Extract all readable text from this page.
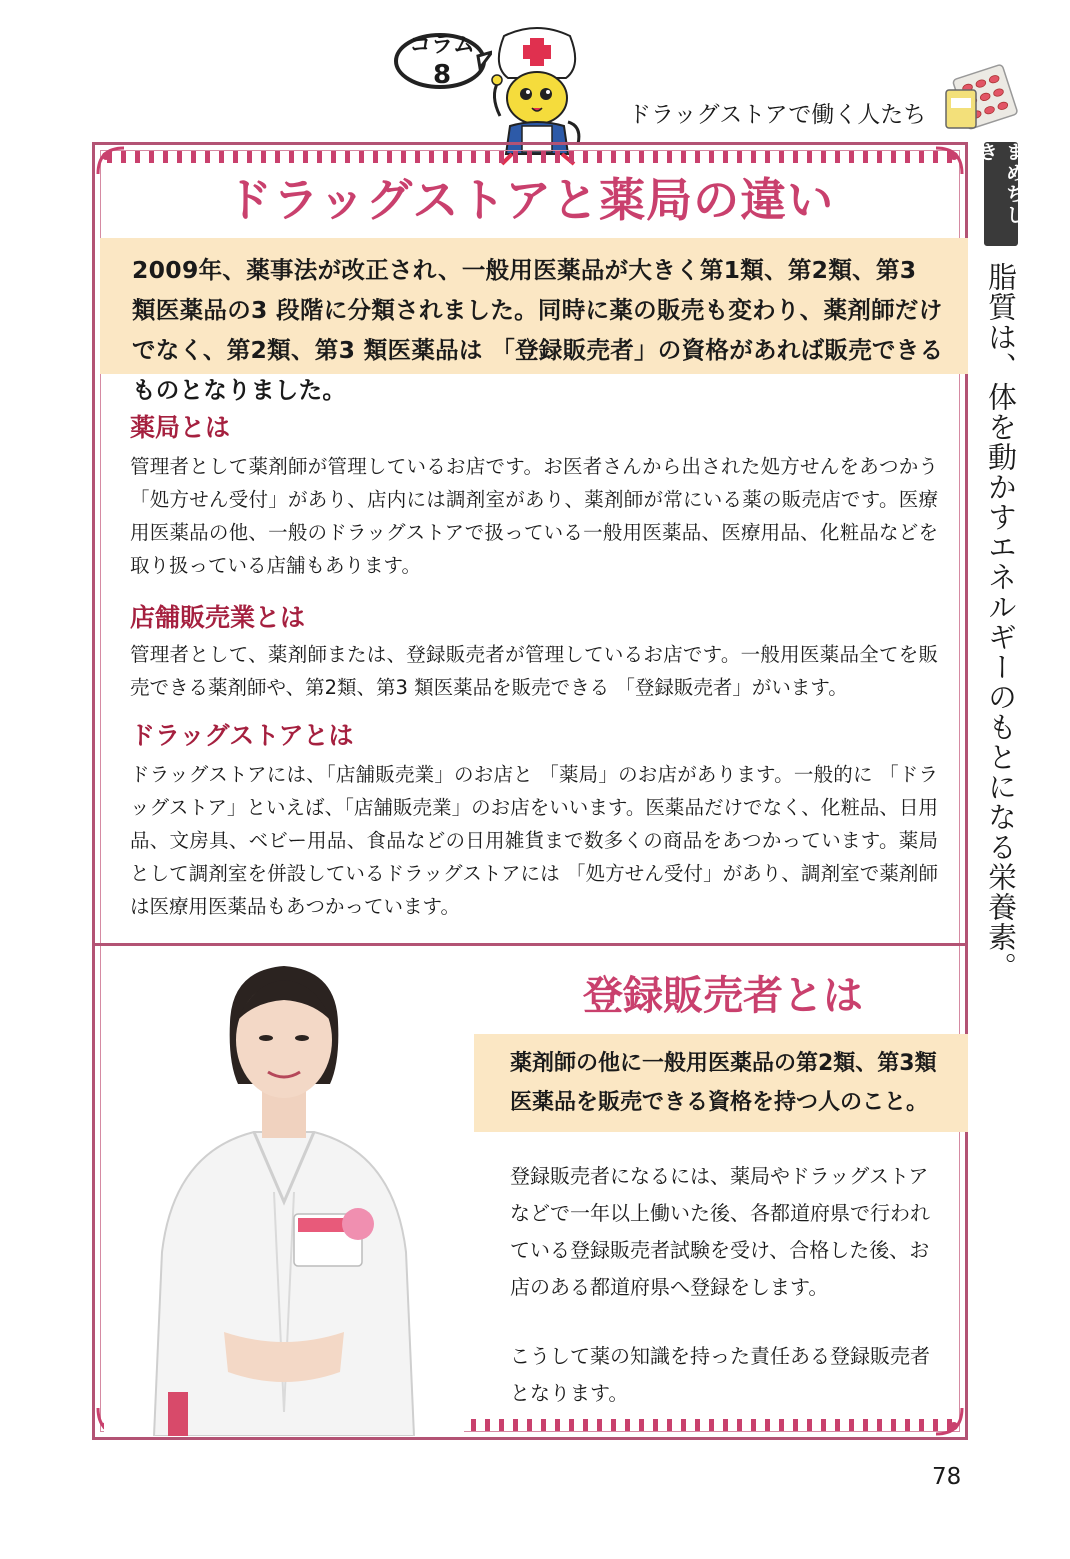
コラム
8
ドラッグストアで働く人たち
ドラッグストアと薬局の違い
2009年、薬事法が改正され、一般用医薬品が大きく第1類、第2類、第3 類医薬品の3 段階に分類されました。同時に薬の販売も変わり、薬剤師だけでなく、第2類、第3 類医薬品は 「登録販売者」の資格があれば販売できるものとなりました。
薬局とは
管理者として薬剤師が管理しているお店です。お医者さんから出された処方せんをあつかう 「処方せん受付」があり、店内には調剤室があり、薬剤師が常にいる薬の販売店です。医療用医薬品の他、一般のドラッグストアで扱っている一般用医薬品、医療用品、化粧品などを取り扱っている店舗もあります。
店舗販売業とは
管理者として、薬剤師または、登録販売者が管理しているお店です。一般用医薬品全てを販売できる薬剤師や、第2類、第3 類医薬品を販売できる 「登録販売者」がいます。
ドラッグストアとは
ドラッグストアには、「店舗販売業」のお店と 「薬局」のお店があります。一般的に 「ドラッグストア」といえば、「店舗販売業」のお店をいいます。医薬品だけでなく、化粧品、日用品、文房具、ベビー用品、食品などの日用雑貨まで数多くの商品をあつかっています。薬局として調剤室を併設しているドラッグストアには 「処方せん受付」があり、調剤室で薬剤師は医療用医薬品もあつかっています。
登録販売者とは
薬剤師の他に一般用医薬品の第2類、第3類医薬品を販売できる資格を持つ人のこと。
登録販売者になるには、薬局やドラッグストアなどで一年以上働いた後、各都道府県で行われている登録販売者試験を受け、合格した後、お店のある都道府県へ登録をします。
こうして薬の知識を持った責任ある登録販売者となります。
まめちしき
脂質は、体を動かすエネルギーのもとになる栄養素。
78
